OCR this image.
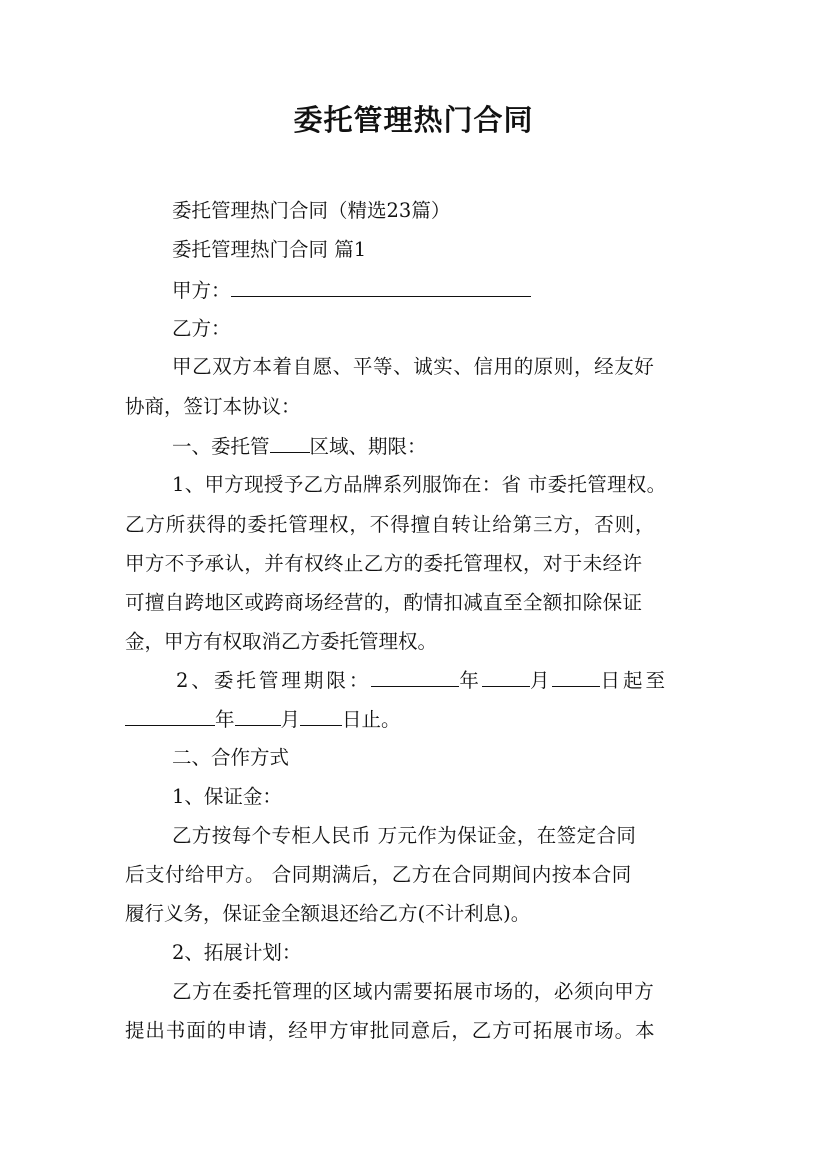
委托管理热门合同
委托管理热门合同（精选23篇）
委托管理热门合同 篇1
甲方：
乙方：
甲乙双方本着自愿、平等、诚实、信用的原则，经友好
协商，签订本协议：
一、委托管 区域、期限：
1、甲方现授予乙方品牌系列服饰在：省 市委托管理权。
乙方所获得的委托管理权，不得擅自转让给第三方，否则，
甲方不予承认，并有权终止乙方的委托管理权，对于未经许
可擅自跨地区或跨商场经营的，酌情扣减直至全额扣除保证
金，甲方有权取消乙方委托管理权。
2、委托管理期限：	年 月 日起至
年 月 日止。
二、合作方式
1、保证金：
乙方按每个专柜人民币 万元作为保证金，在签定合同
后支付给甲方。 合同期满后，乙方在合同期间内按本合同
履行义务，保证金全额退还给乙方(不计利息)。
2、拓展计划：
乙方在委托管理的区域内需要拓展市场的，必须向甲方
提出书面的申请，经甲方审批同意后，乙方可拓展市场。本
